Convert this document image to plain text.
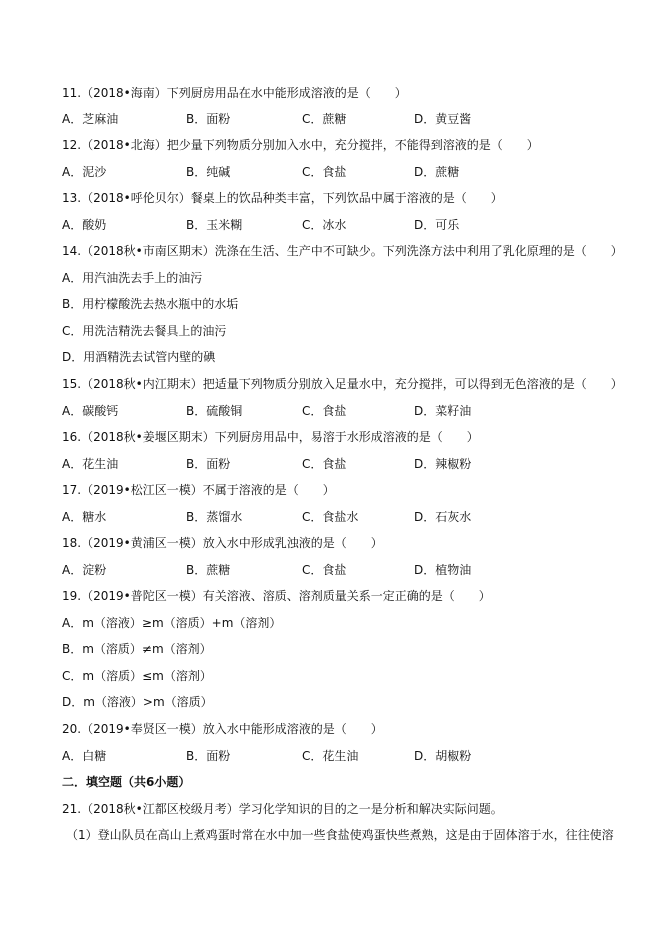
11.（2018•海南）下列厨房用品在水中能形成溶液的是（　　）
A．芝麻油	B．面粉	C．蔗糖	D．黄豆酱
12.（2018•北海）把少量下列物质分别加入水中，充分搅拌，不能得到溶液的是（　　）
A．泥沙	B．纯碱	C．食盐	D．蔗糖
13.（2018•呼伦贝尔）餐桌上的饮品种类丰富，下列饮品中属于溶液的是（　　）
A．酸奶	B．玉米糊	C．冰水	D．可乐
14.（2018秋•市南区期末）洗涤在生活、生产中不可缺少。下列洗涤方法中利用了乳化原理的是（　　）
A．用汽油洗去手上的油污
B．用柠檬酸洗去热水瓶中的水垢
C．用洗洁精洗去餐具上的油污
D．用酒精洗去试管内壁的碘
15.（2018秋•内江期末）把适量下列物质分别放入足量水中，充分搅拌，可以得到无色溶液的是（　　）
A．碳酸钙	B．硫酸铜	C．食盐	D．菜籽油
16.（2018秋•姜堰区期末）下列厨房用品中，易溶于水形成溶液的是（　　）
A．花生油	B．面粉	C．食盐	D．辣椒粉
17.（2019•松江区一模）不属于溶液的是（　　）
A．糖水	B．蒸馏水	C．食盐水	D．石灰水
18.（2019•黄浦区一模）放入水中形成乳浊液的是（　　）
A．淀粉	B．蔗糖	C．食盐	D．植物油
19.（2019•普陀区一模）有关溶液、溶质、溶剂质量关系一定正确的是（　　）
A．m（溶液）≥m（溶质）+m（溶剂）
B．m（溶质）≠m（溶剂）
C．m（溶质）≤m（溶剂）
D．m（溶液）>m（溶质）
20.（2019•奉贤区一模）放入水中能形成溶液的是（　　）
A．白糖	B．面粉	C．花生油	D．胡椒粉
二．填空题（共6小题）
21.（2018秋•江都区校级月考）学习化学知识的目的之一是分析和解决实际问题。
（1）登山队员在高山上煮鸡蛋时常在水中加一些食盐使鸡蛋快些煮熟，这是由于固体溶于水，往往使溶
